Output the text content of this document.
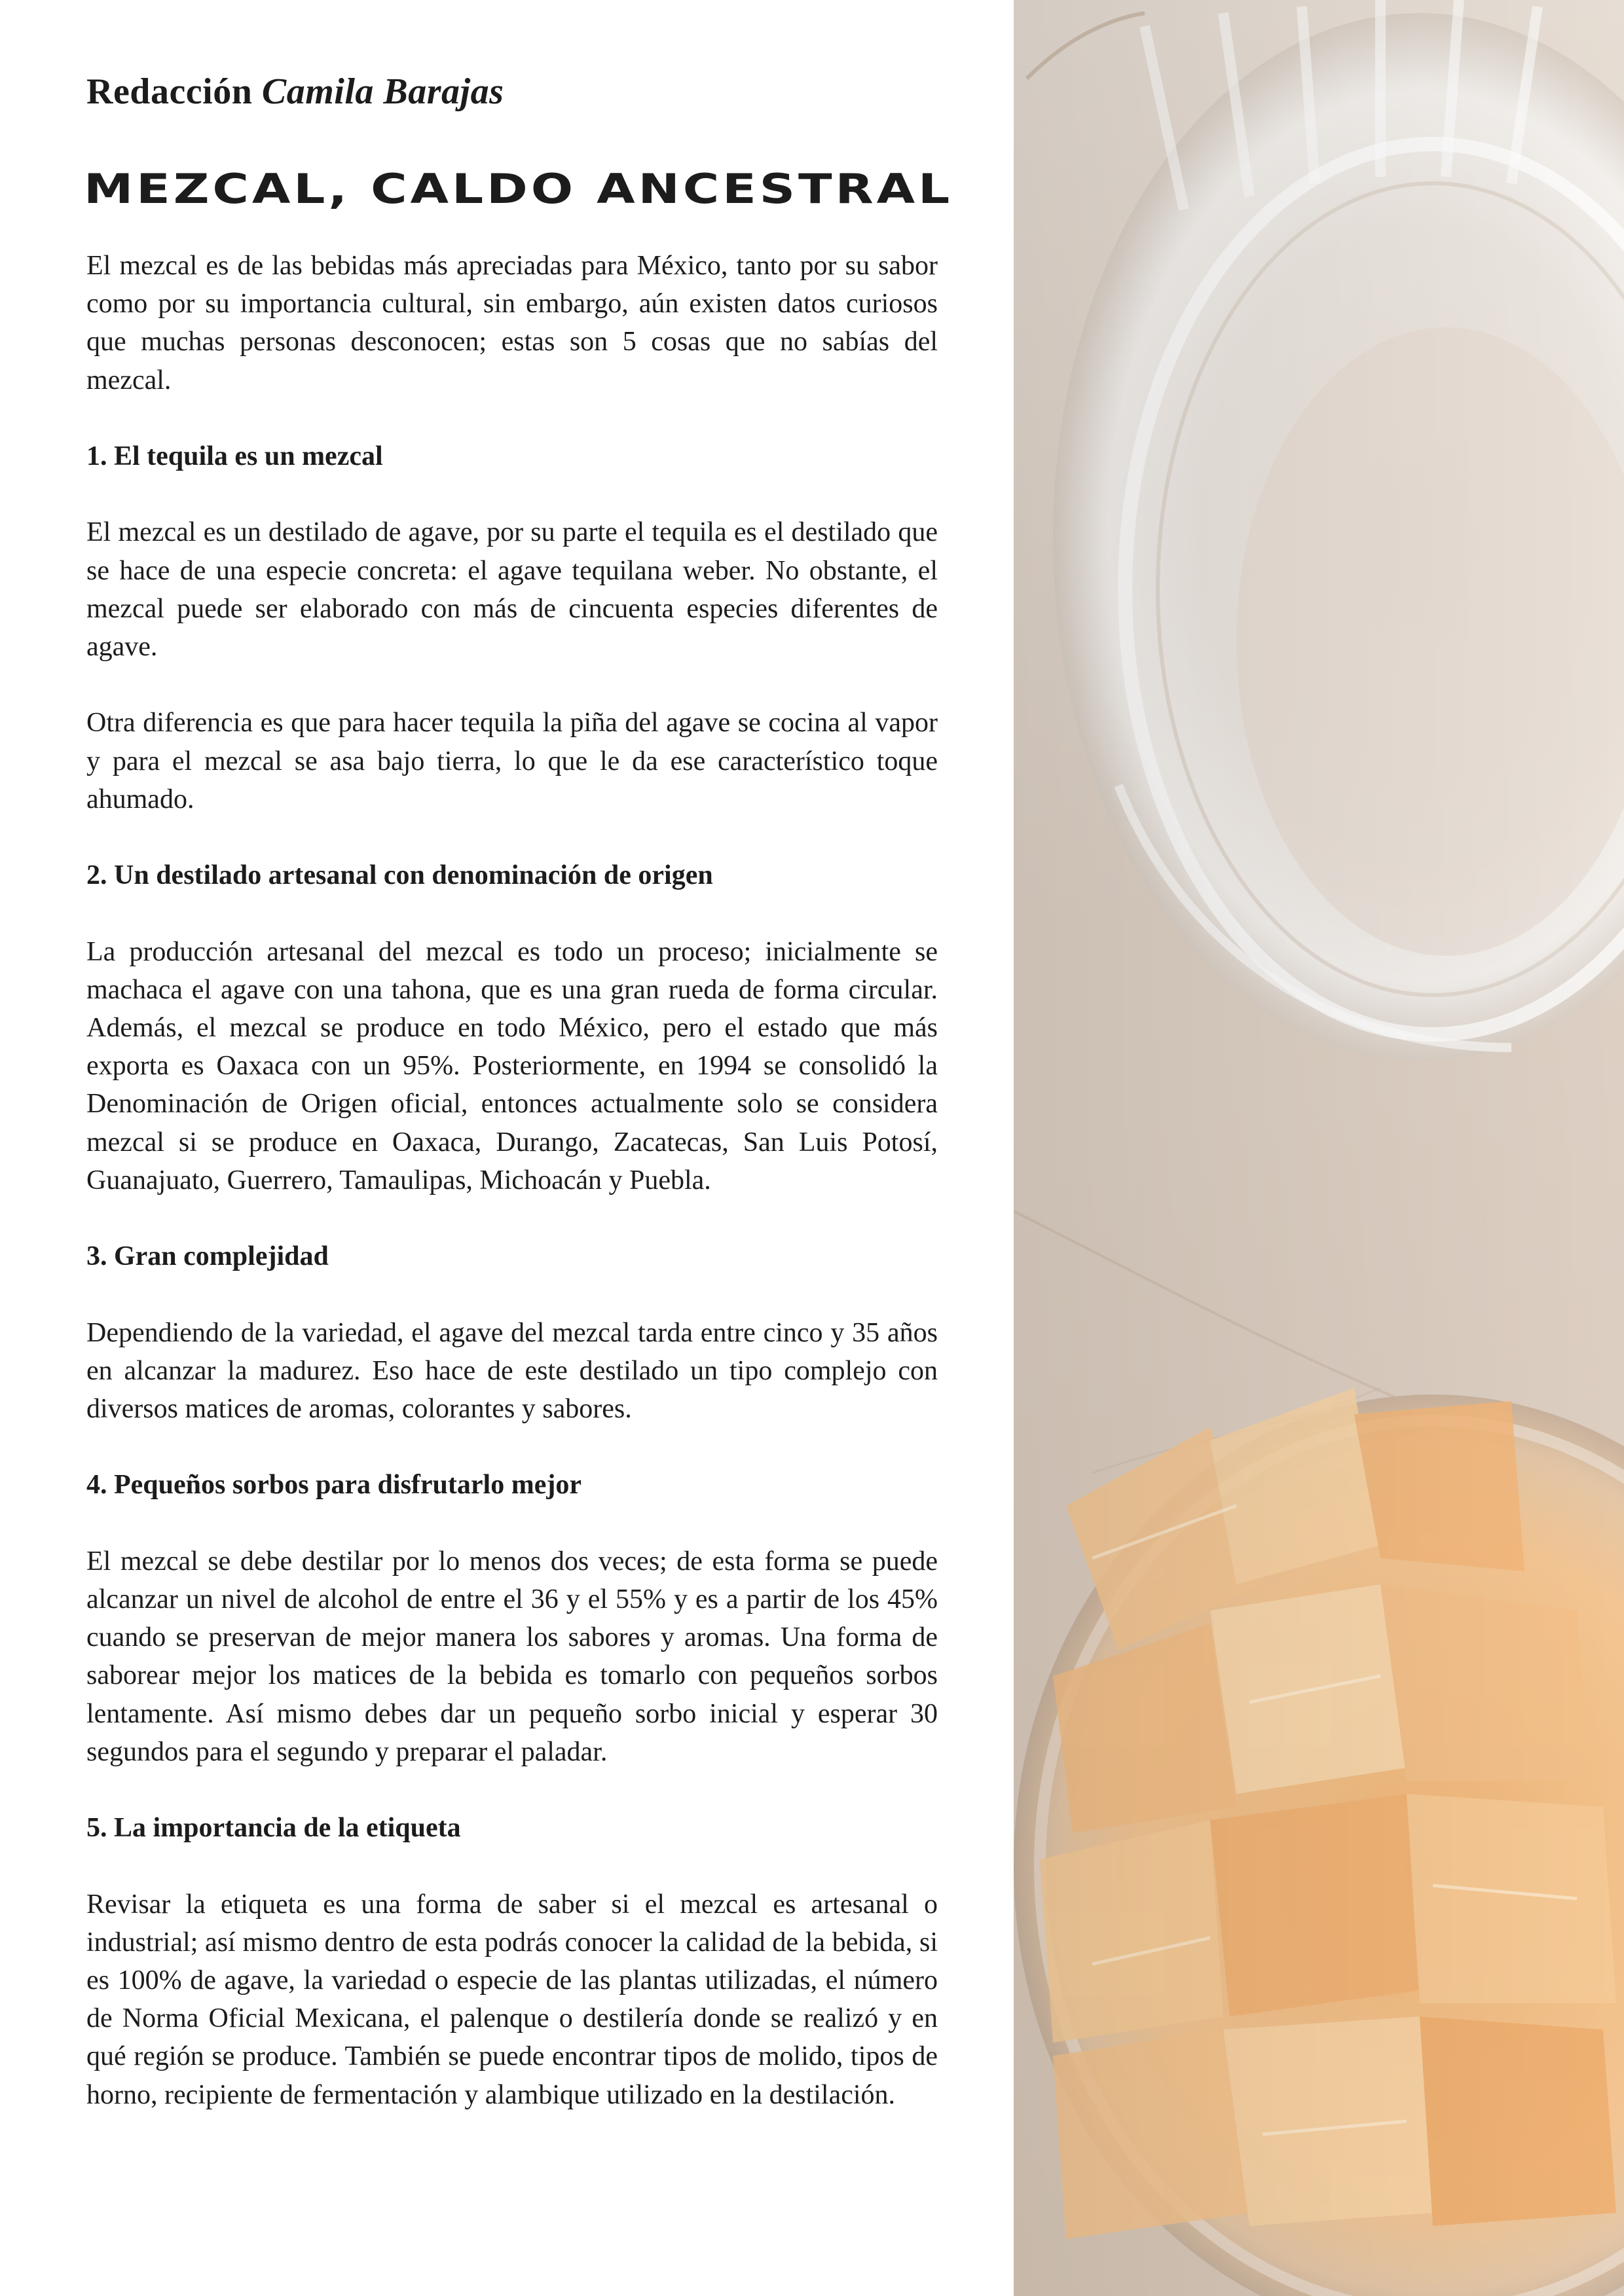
Redacción Camila Barajas
MEZCAL, CALDO ANCESTRAL

El mezcal es de las bebidas más apreciadas para México, tanto por su sabor como por su importancia cultural, sin embargo, aún existen datos curiosos que muchas personas desconocen; estas son 5 cosas que no sabías del mezcal.

1. El tequila es un mezcal

El mezcal es un destilado de agave, por su parte el tequila es el destilado que se hace de una especie concreta: el agave tequilana weber. No obstante, el mezcal puede ser elaborado con más de cincuenta especies diferentes de agave.

Otra diferencia es que para hacer tequila la piña del agave se cocina al vapor y para el mezcal se asa bajo tierra, lo que le da ese característico toque ahumado.

2. Un destilado artesanal con denominación de origen

La producción artesanal del mezcal es todo un proceso; inicialmente se machaca el agave con una tahona, que es una gran rueda de forma circular. Además, el mezcal se produce en todo México, pero el estado que más exporta es Oaxaca con un 95%. Posteriormente, en 1994 se consolidó la Denominación de Origen oficial, entonces actualmente solo se considera mezcal si se produce en Oaxaca, Durango, Zacatecas, San Luis Potosí, Guanajuato, Guerrero, Tamaulipas, Michoacán y Puebla.

3. Gran complejidad

Dependiendo de la variedad, el agave del mezcal tarda entre cinco y 35 años en alcanzar la madurez. Eso hace de este destilado un tipo complejo con diversos matices de aromas, colorantes y sabores.

4. Pequeños sorbos para disfrutarlo mejor

El mezcal se debe destilar por lo menos dos veces; de esta forma se puede alcanzar un nivel de alcohol de entre el 36 y el 55% y es a partir de los 45% cuando se preservan de mejor manera los sabores y aromas. Una forma de saborear mejor los matices de la bebida es tomarlo con pequeños sorbos lentamente. Así mismo debes dar un pequeño sorbo inicial y esperar 30 segundos para el segundo y preparar el paladar.

5. La importancia de la etiqueta

Revisar la etiqueta es una forma de saber si el mezcal es artesanal o industrial; así mismo dentro de esta podrás conocer la calidad de la bebida, si es 100% de agave, la variedad o especie de las plantas utilizadas, el número de Norma Oficial Mexicana, el palenque o destilería donde se realizó y en qué región se produce. También se puede encontrar tipos de molido, tipos de horno, recipiente de fermentación y alambique utilizado en la destilación.
